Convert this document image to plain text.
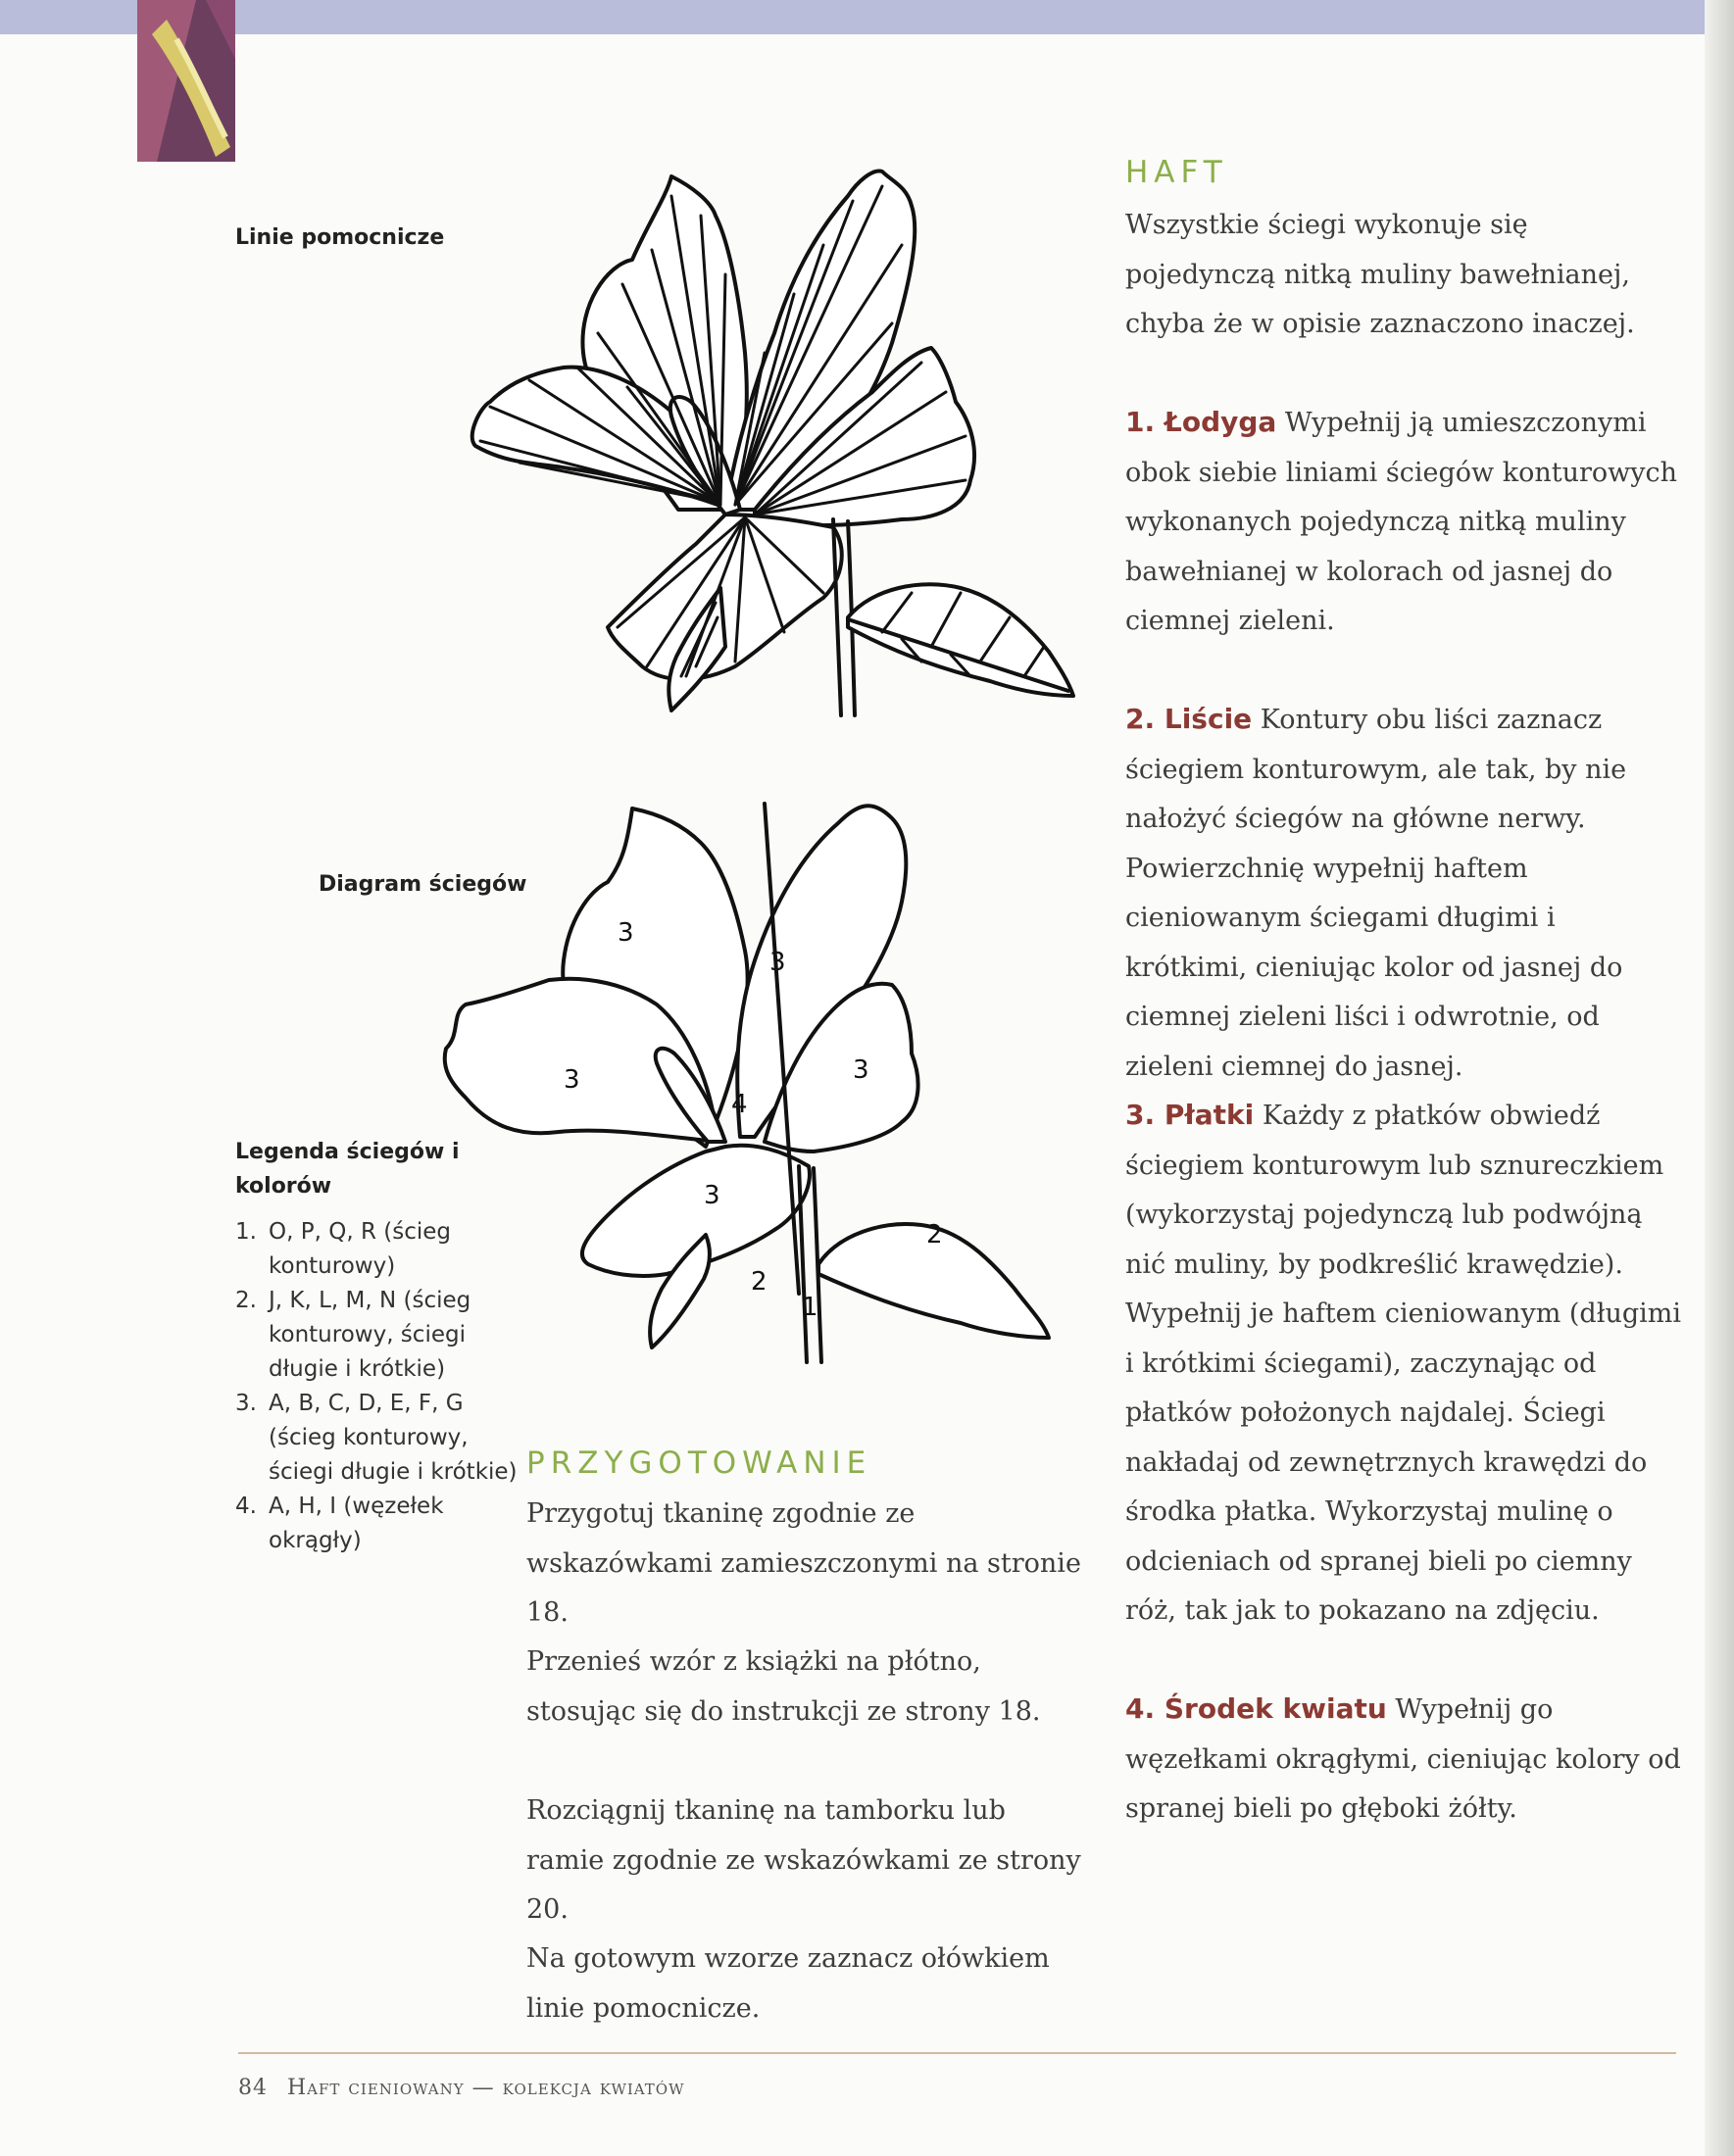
Linie pomocnicze
Diagram ściegów
3
3
3
3
3
4
2
2
1
Legenda ściegów i kolorów
1. O, P, Q, R (ścieg konturowy)
2. J, K, L, M, N (ścieg konturowy, ściegi długie i krótkie)
3. A, B, C, D, E, F, G (ścieg konturowy, ściegi długie i krótkie)
4. A, H, I (węzełek okrągły)
HAFT
Wszystkie ściegi wykonuje się pojedynczą nitką muliny bawełnianej, chyba że w opisie zaznaczono inaczej.
1. Łodyga Wypełnij ją umieszczonymi obok siebie liniami ściegów konturowych wykonanych pojedynczą nitką muliny bawełnianej w kolorach od jasnej do ciemnej zieleni.
2. Liście Kontury obu liści zaznacz ściegiem konturowym, ale tak, by nie nałożyć ściegów na główne nerwy. Powierzchnię wypełnij haftem cieniowanym ściegami długimi i krótkimi, cieniując kolor od jasnej do ciemnej zieleni liści i odwrotnie, od zieleni ciemnej do jasnej.
3. Płatki Każdy z płatków obwiedź ściegiem konturowym lub sznureczkiem (wykorzystaj pojedynczą lub podwójną nić muliny, by podkreślić krawędzie). Wypełnij je haftem cieniowanym (długimi i krótkimi ściegami), zaczynając od płatków położonych najdalej. Ściegi nakładaj od zewnętrznych krawędzi do środka płatka. Wykorzystaj mulinę o odcieniach od spranej bieli po ciemny róż, tak jak to pokazano na zdjęciu.
4. Środek kwiatu Wypełnij go węzełkami okrągłymi, cieniując kolory od spranej bieli po głęboki żółty.
PRZYGOTOWANIE
Przygotuj tkaninę zgodnie ze wskazówkami zamieszczonymi na stronie 18.
Przenieś wzór z książki na płótno, stosując się do instrukcji ze strony 18.
Rozciągnij tkaninę na tamborku lub ramie zgodnie ze wskazówkami ze strony 20.
Na gotowym wzorze zaznacz ołówkiem linie pomocnicze.
84 Haft cieniowany — kolekcja kwiatów
